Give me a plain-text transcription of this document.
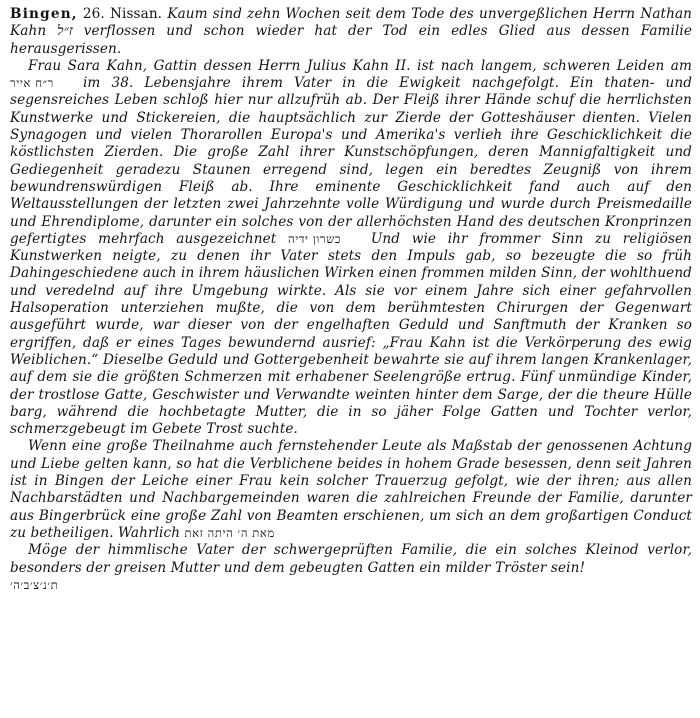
Bingen, 26. Nissan. Kaum sind zehn Wochen seit dem Tode des unvergeßlichen Herrn Nathan Kahn ז״ל verflossen und schon wieder hat der Tod ein edles Glied aus dessen Familie herausgerissen.

Frau Sara Kahn, Gattin dessen Herrn Julius Kahn II. ist nach langem, schweren Leiden am ר״ח אייר im 38. Lebensjahre ihrem Vater in die Ewigkeit nachgefolgt. Ein thaten- und segensreiches Leben schloß hier nur allzufrüh ab. Der Fleiß ihrer Hände schuf die herrlichsten Kunstwerke und Stickereien, die hauptsächlich zur Zierde der Gotteshäuser dienten. Vielen Synagogen und vielen Thorarollen Europa's und Amerika's verlieh ihre Geschicklichkeit die köstlichsten Zierden. Die große Zahl ihrer Kunstschöpfungen, deren Mannigfaltigkeit und Gediegenheit geradezu Staunen erregend sind, legen ein beredtes Zeugniß von ihrem bewundrenswürdigen Fleiß ab. Ihre eminente Geschicklichkeit fand auch auf den Weltausstellungen der letzten zwei Jahrzehnte volle Würdigung und wurde durch Preismedaille und Ehrendiplome, darunter ein solches von der allerhöchsten Hand des deutschen Kronprinzen gefertigtes mehrfach ausgezeichnet כשרון ידיה Und wie ihr frommer Sinn zu religiösen Kunstwerken neigte, zu denen ihr Vater stets den Impuls gab, so bezeugte die so früh Dahingeschiedene auch in ihrem häuslichen Wirken einen frommen milden Sinn, der wohlthuend und veredelnd auf ihre Umgebung wirkte. Als sie vor einem Jahre sich einer gefahrvollen Halsoperation unterziehen mußte, die von dem berühmtesten Chirurgen der Gegenwart ausgeführt wurde, war dieser von der engelhaften Geduld und Sanftmuth der Kranken so ergriffen, daß er eines Tages bewundernd ausrief: „Frau Kahn ist die Verkörperung des ewig Weiblichen.“ Dieselbe Geduld und Gottergebenheit bewahrte sie auf ihrem langen Krankenlager, auf dem sie die größten Schmerzen mit erhabener Seelengröße ertrug. Fünf unmündige Kinder, der trostlose Gatte, Geschwister und Verwandte weinten hinter dem Sarge, der die theure Hülle barg, während die hochbetagte Mutter, die in so jäher Folge Gatten und Tochter verlor, schmerzgebeugt im Gebete Trost suchte.

Wenn eine große Theilnahme auch fernstehender Leute als Maßstab der genossenen Achtung und Liebe gelten kann, so hat die Verblichene beides in hohem Grade besessen, denn seit Jahren ist in Bingen der Leiche einer Frau kein solcher Trauerzug gefolgt, wie der ihren; aus allen Nachbarstädten und Nachbargemeinden waren die zahlreichen Freunde der Familie, darunter aus Bingerbrück eine große Zahl von Beamten erschienen, um sich an dem großartigen Conduct zu betheiligen. Wahrlich מאת ה׳ היתה זאת

Möge der himmlische Vater der schwergeprüften Familie, die ein solches Kleinod verlor, besonders der greisen Mutter und dem gebeugten Gatten ein milder Tröster sein!
ת׳נ׳צ׳ב׳ה׳
